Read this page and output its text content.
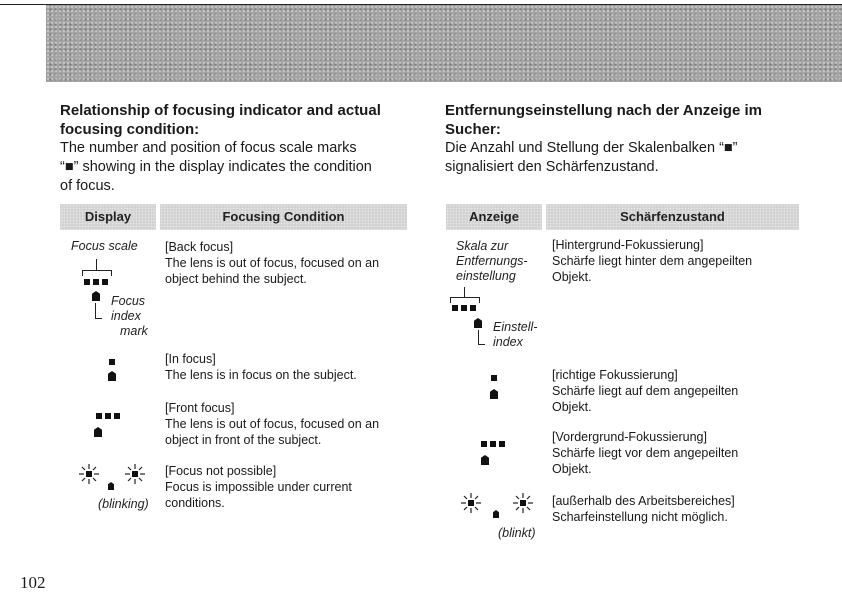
Relationship of focusing indicator and actual
focusing condition:
The number and position of focus scale marks
“■” showing in the display indicates the condition
of focus.
Display	Focusing Condition
Focus scale
Focus
index
mark
(blinking)
[Back focus]
The lens is out of focus, focused on an
object behind the subject.
[In focus]
The lens is in focus on the subject.
[Front focus]
The lens is out of focus, focused on an
object in front of the subject.
[Focus not possible]
Focus is impossible under current
conditions.
Entfernungseinstellung nach der Anzeige im
Sucher:
Die Anzahl und Stellung der Skalenbalken “■”
signalisiert den Schärfenzustand.
Anzeige	Schärfenzustand
Skala zur
Entfernungs-
einstellung
Einstell-
index
(blinkt)
[Hintergrund-Fokussierung]
Schärfe liegt hinter dem angepeilten
Objekt.
[richtige Fokussierung]
Schärfe liegt auf dem angepeilten
Objekt.
[Vordergrund-Fokussierung]
Schärfe liegt vor dem angepeilten
Objekt.
[außerhalb des Arbeitsbereiches]
Scharfeinstellung nicht möglich.
102
